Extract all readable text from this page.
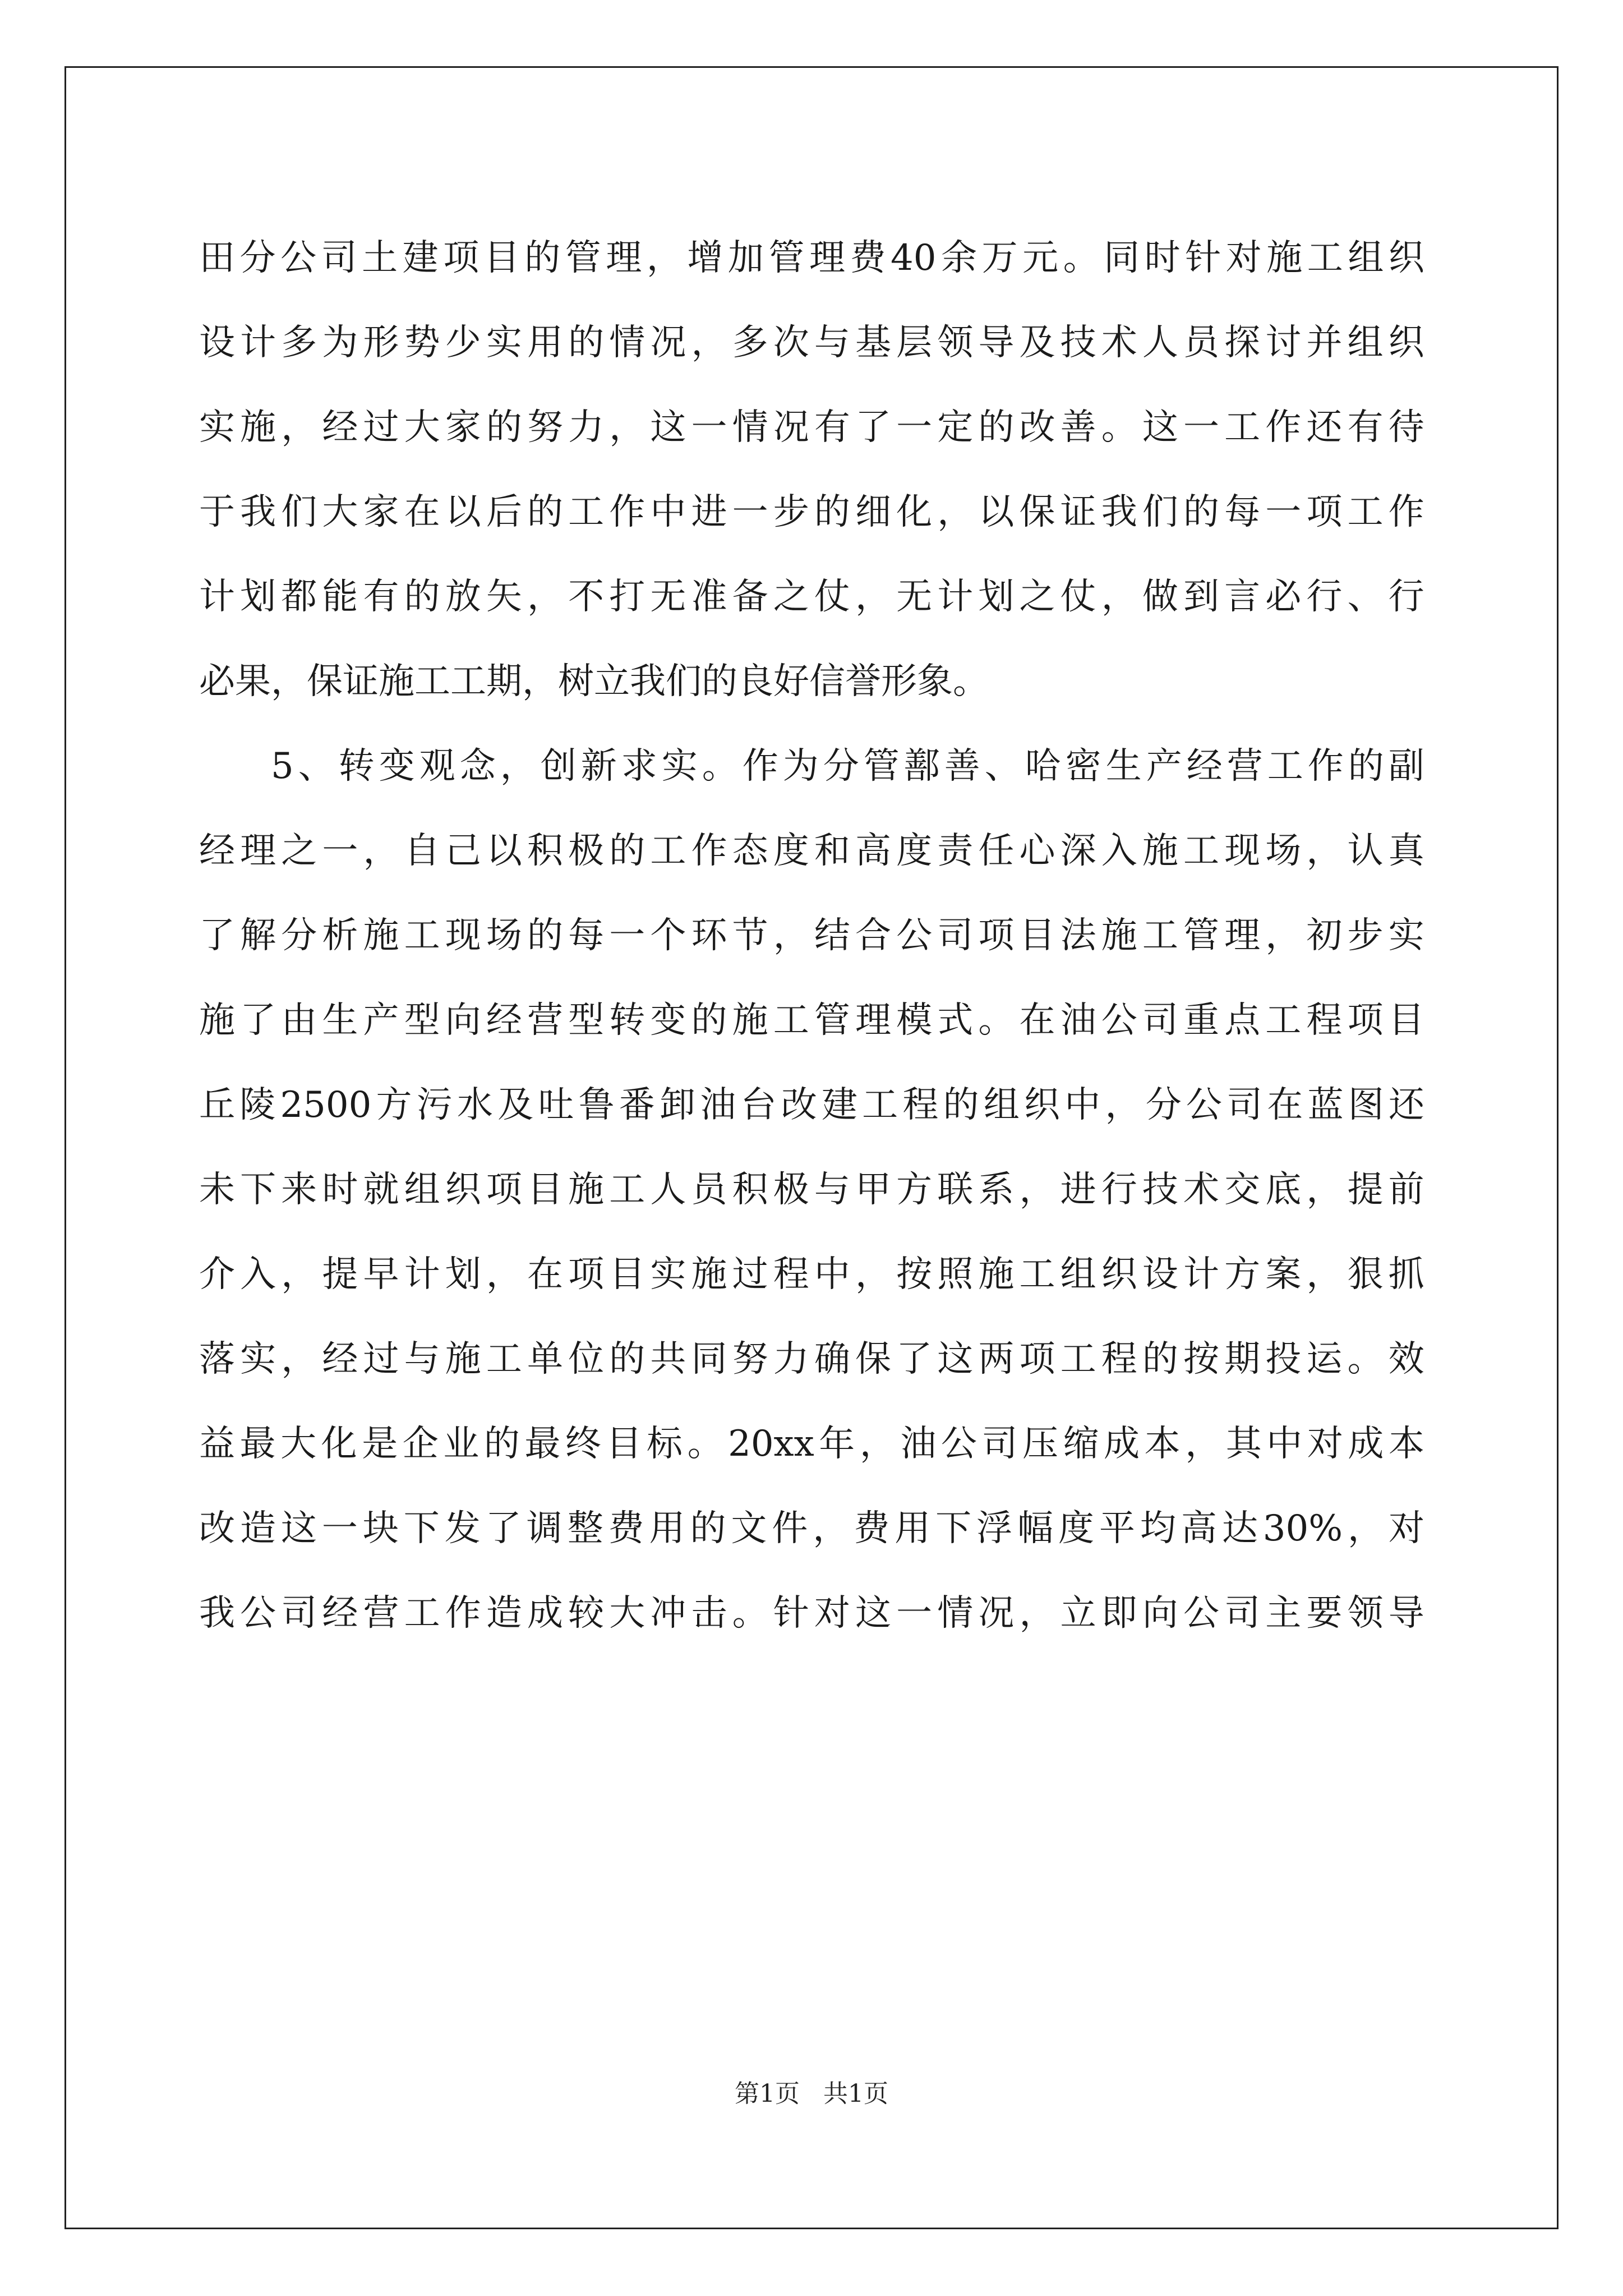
田 分 公 司 土 建 项 目 的 管 理 ， 增 加 管 理 费 40 余 万 元 。 同 时 针 对 施 工 组 织
设 计 多 为 形 势 少 实 用 的 情 况 ， 多 次 与 基 层 领 导 及 技 术 人 员 探 讨 并 组 织
实 施 ， 经 过 大 家 的 努 力 ， 这 一 情 况 有 了 一 定 的 改 善 。 这 一 工 作 还 有 待
于 我 们 大 家 在 以 后 的 工 作 中 进 一 步 的 细 化 ， 以 保 证 我 们 的 每 一 项 工 作
计 划 都 能 有 的 放 矢 ， 不 打 无 准 备 之 仗 ， 无 计 划 之 仗 ， 做 到 言 必 行 、 行
必 果 ， 保 证 施 工 工 期 ， 树 立 我 们 的 良 好 信 誉 形 象 。
5 、 转 变 观 念 ， 创 新 求 实 。 作 为 分 管 鄯 善 、 哈 密 生 产 经 营 工 作 的 副
经 理 之 一 ， 自 己 以 积 极 的 工 作 态 度 和 高 度 责 任 心 深 入 施 工 现 场 ， 认 真
了 解 分 析 施 工 现 场 的 每 一 个 环 节 ， 结 合 公 司 项 目 法 施 工 管 理 ， 初 步 实
施 了 由 生 产 型 向 经 营 型 转 变 的 施 工 管 理 模 式 。 在 油 公 司 重 点 工 程 项 目
丘 陵 2500 方 污 水 及 吐 鲁 番 卸 油 台 改 建 工 程 的 组 织 中 ， 分 公 司 在 蓝 图 还
未 下 来 时 就 组 织 项 目 施 工 人 员 积 极 与 甲 方 联 系 ， 进 行 技 术 交 底 ， 提 前
介 入 ， 提 早 计 划 ， 在 项 目 实 施 过 程 中 ， 按 照 施 工 组 织 设 计 方 案 ， 狠 抓
落 实 ， 经 过 与 施 工 单 位 的 共 同 努 力 确 保 了 这 两 项 工 程 的 按 期 投 运 。 效
益 最 大 化 是 企 业 的 最 终 目 标 。 20xx 年 ， 油 公 司 压 缩 成 本 ， 其 中 对 成 本
改 造 这 一 块 下 发 了 调 整 费 用 的 文 件 ， 费 用 下 浮 幅 度 平 均 高 达 30% ， 对
我 公 司 经 营 工 作 造 成 较 大 冲 击 。 针 对 这 一 情 况 ， 立 即 向 公 司 主 要 领 导
第1页 共1页
